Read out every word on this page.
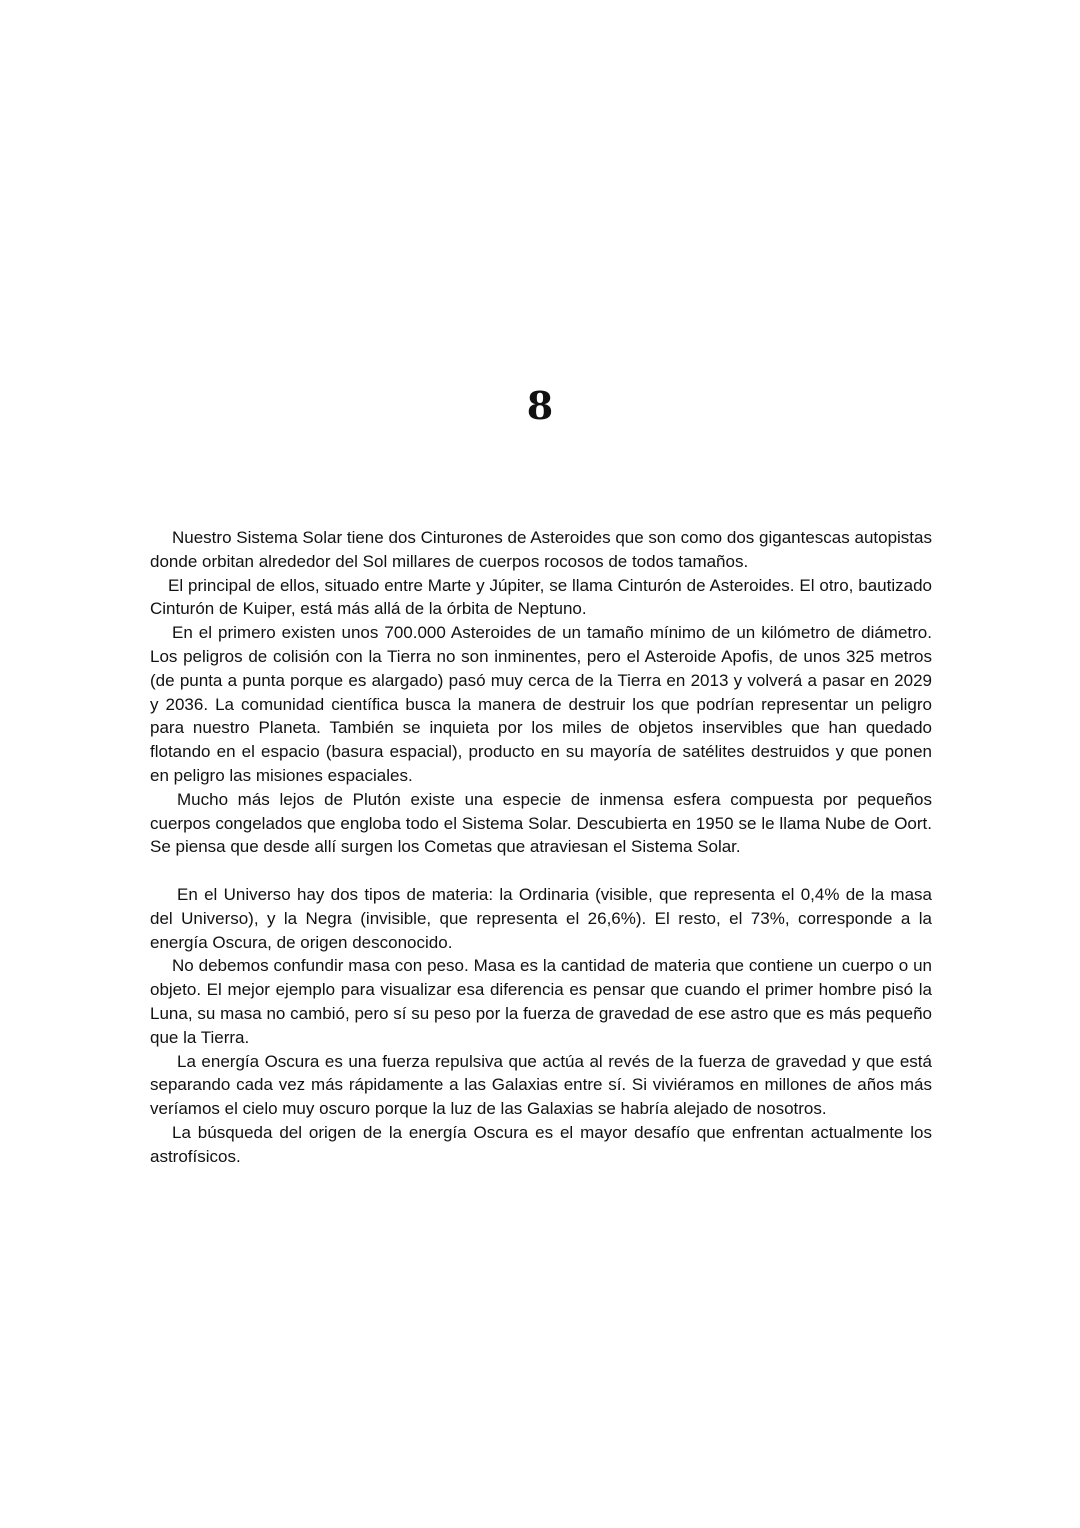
8

Nuestro Sistema Solar tiene dos Cinturones de Asteroides que son como dos gigantescas autopistas donde orbitan alrededor del Sol millares de cuerpos rocosos de todos tamaños.

El principal de ellos, situado entre Marte y Júpiter, se llama Cinturón de Asteroides. El otro, bautizado Cinturón de Kuiper, está más allá de la órbita de Neptuno.

En el primero existen unos 700.000 Asteroides de un tamaño mínimo de un kilómetro de diámetro. Los peligros de colisión con la Tierra no son inminentes, pero el Asteroide Apofis, de unos 325 metros (de punta a punta porque es alargado) pasó muy cerca de la Tierra en 2013 y volverá a pasar en 2029 y 2036. La comunidad científica busca la manera de destruir los que podrían representar un peligro para nuestro Planeta. También se inquieta por los miles de objetos inservibles que han quedado flotando en el espacio (basura espacial), producto en su mayoría de satélites destruidos y que ponen en peligro las misiones espaciales.

Mucho más lejos de Plutón existe una especie de inmensa esfera compuesta por pequeños cuerpos congelados que engloba todo el Sistema Solar. Descubierta en 1950 se le llama Nube de Oort. Se piensa que desde allí surgen los Cometas que atraviesan el Sistema Solar.

En el Universo hay dos tipos de materia: la Ordinaria (visible, que representa el 0,4% de la masa del Universo), y la Negra (invisible, que representa el 26,6%). El resto, el 73%, corresponde a la energía Oscura, de origen desconocido.

No debemos confundir masa con peso. Masa es la cantidad de materia que contiene un cuerpo o un objeto. El mejor ejemplo para visualizar esa diferencia es pensar que cuando el primer hombre pisó la Luna, su masa no cambió, pero sí su peso por la fuerza de gravedad de ese astro que es más pequeño que la Tierra.

La energía Oscura es una fuerza repulsiva que actúa al revés de la fuerza de gravedad y que está separando cada vez más rápidamente a las Galaxias entre sí. Si viviéramos en millones de años más veríamos el cielo muy oscuro porque la luz de las Galaxias se habría alejado de nosotros.

La búsqueda del origen de la energía Oscura es el mayor desafío que enfrentan actualmente los astrofísicos.
